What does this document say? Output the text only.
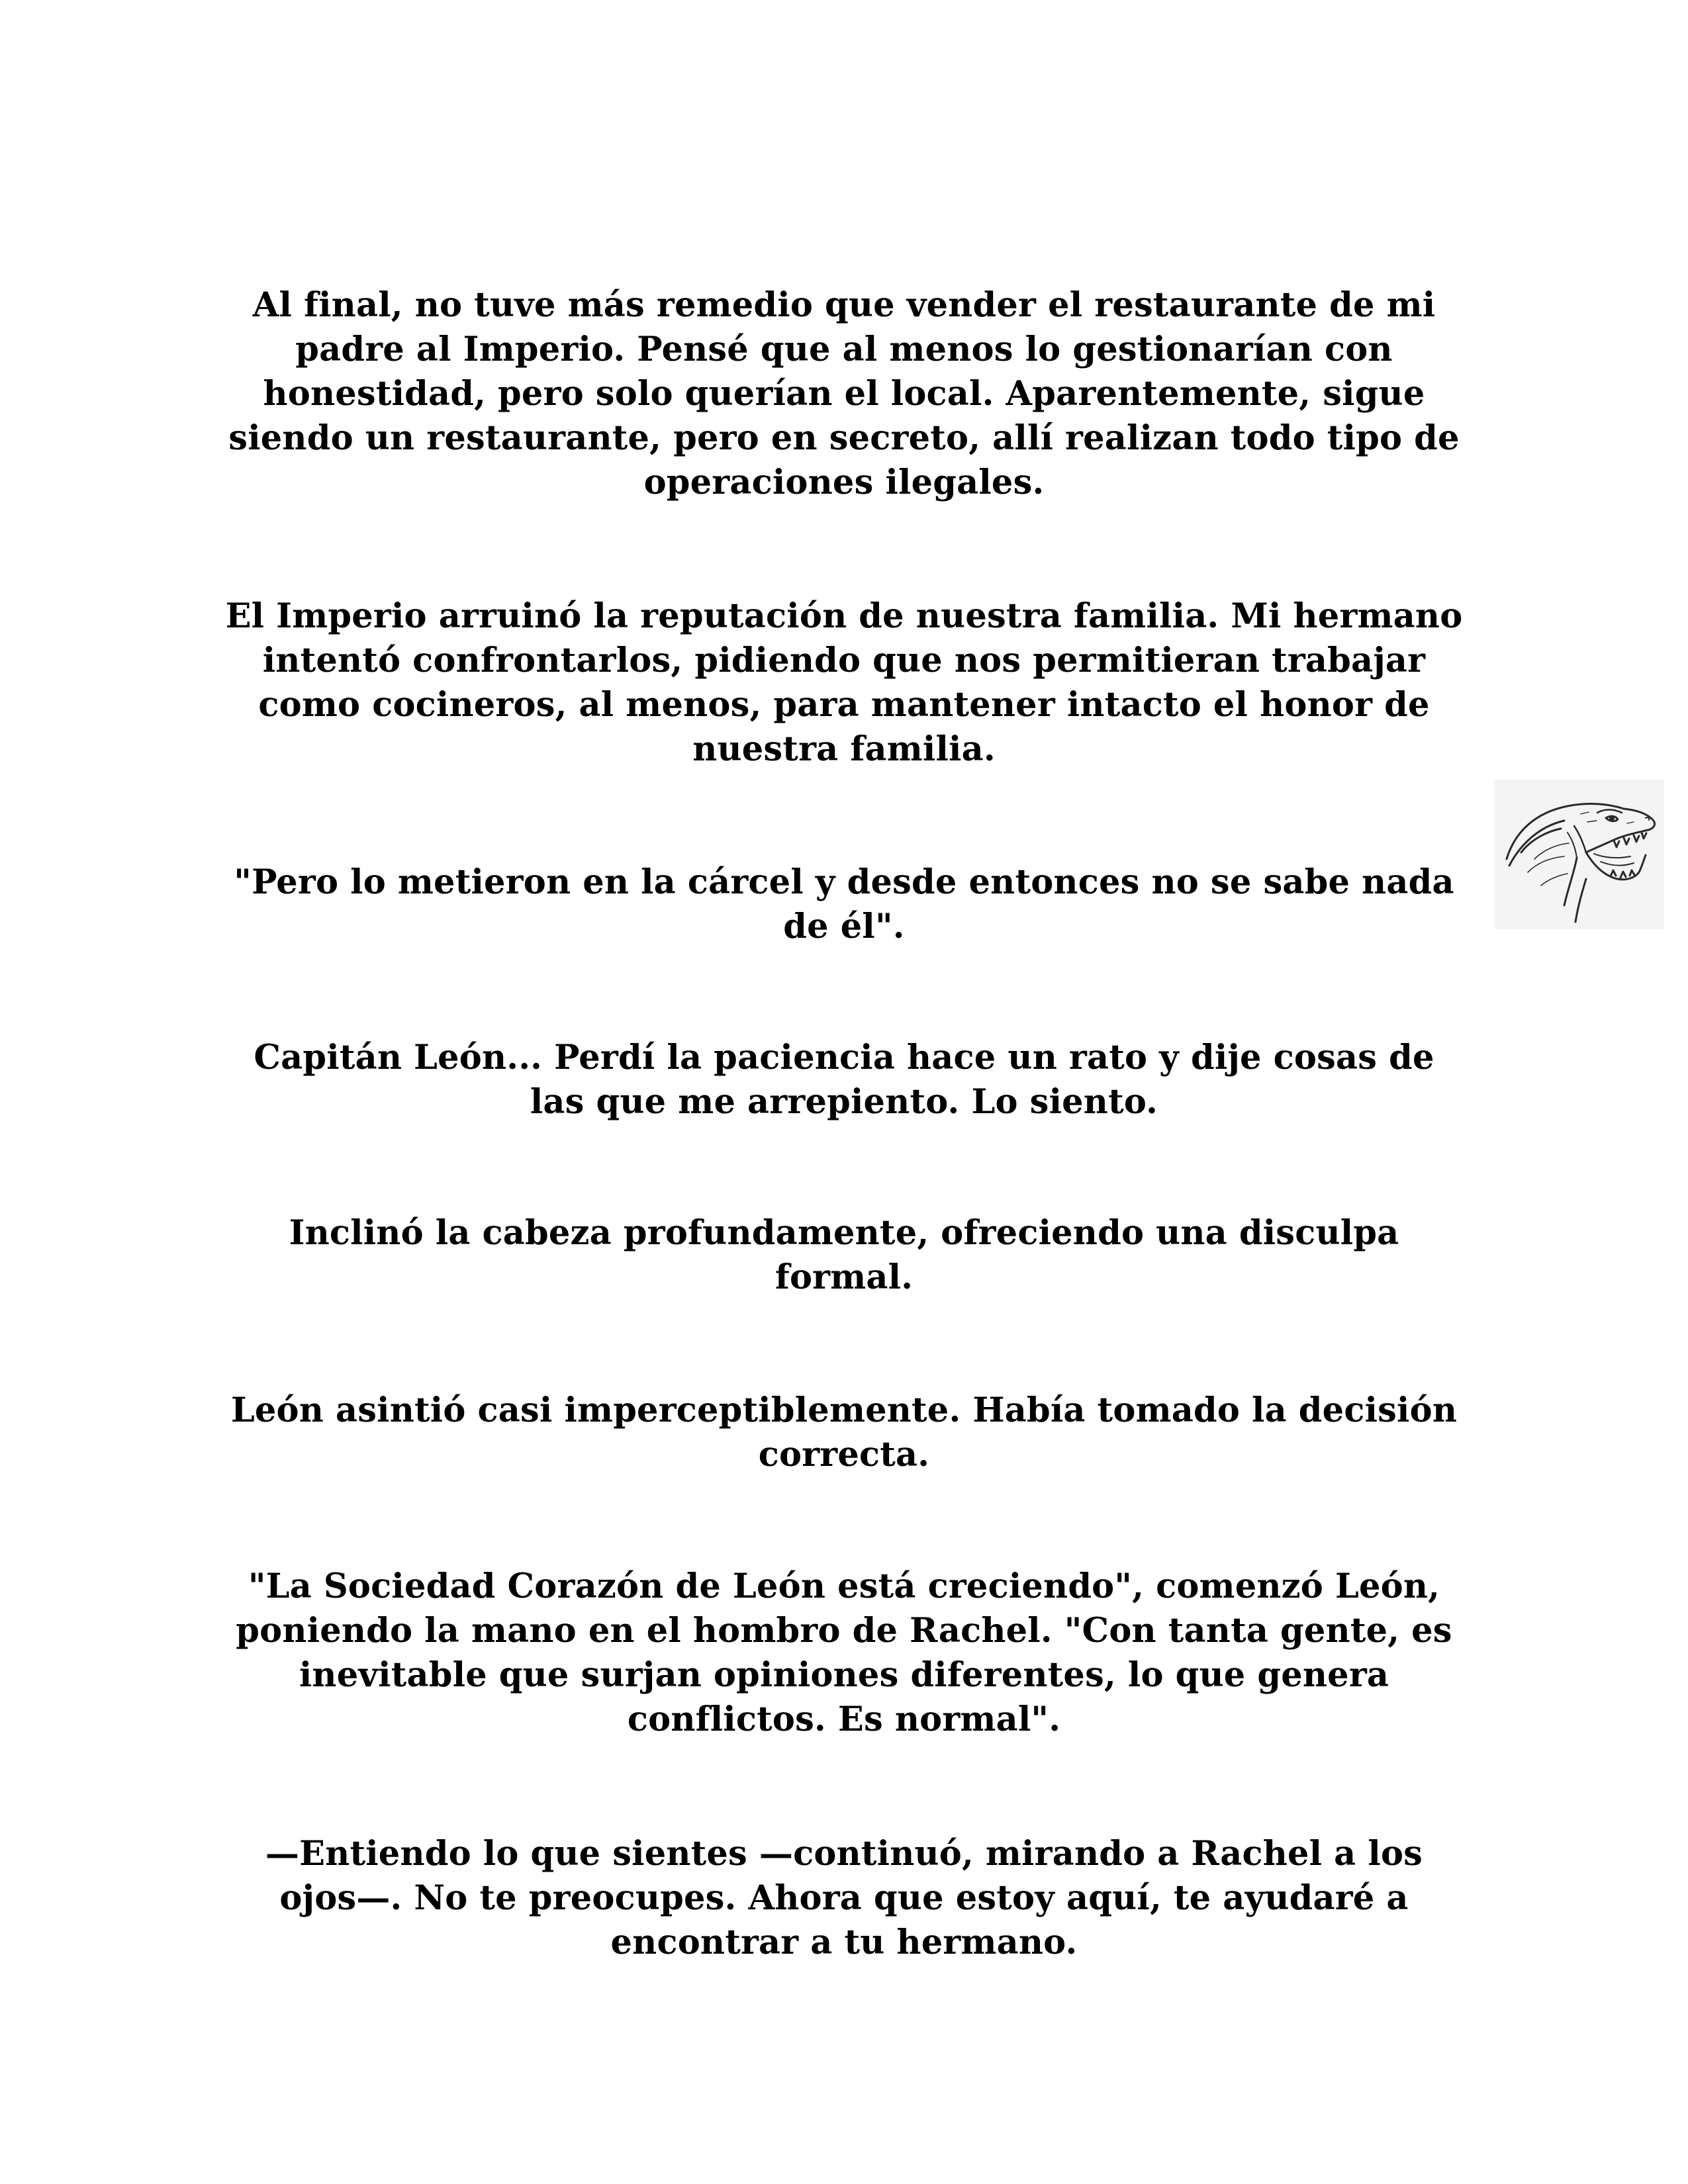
Al final, no tuve más remedio que vender el restaurante de mi padre al Imperio. Pensé que al menos lo gestionarían con honestidad, pero solo querían el local. Aparentemente, sigue siendo un restaurante, pero en secreto, allí realizan todo tipo de operaciones ilegales.

El Imperio arruinó la reputación de nuestra familia. Mi hermano intentó confrontarlos, pidiendo que nos permitieran trabajar como cocineros, al menos, para mantener intacto el honor de nuestra familia.

"Pero lo metieron en la cárcel y desde entonces no se sabe nada de él".

Capitán León... Perdí la paciencia hace un rato y dije cosas de las que me arrepiento. Lo siento.

Inclinó la cabeza profundamente, ofreciendo una disculpa formal.

León asintió casi imperceptiblemente. Había tomado la decisión correcta.

"La Sociedad Corazón de León está creciendo", comenzó León, poniendo la mano en el hombro de Rachel. "Con tanta gente, es inevitable que surjan opiniones diferentes, lo que genera conflictos. Es normal".

—Entiendo lo que sientes —continuó, mirando a Rachel a los ojos—. No te preocupes. Ahora que estoy aquí, te ayudaré a encontrar a tu hermano.
